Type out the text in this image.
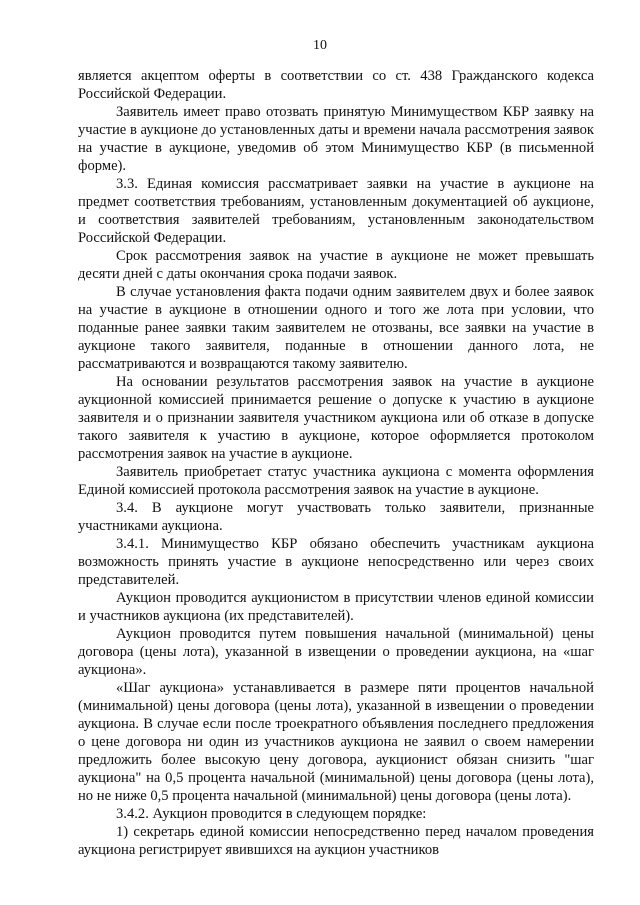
10

является акцептом оферты в соответствии со ст. 438 Гражданского кодекса Российской Федерации.

Заявитель имеет право отозвать принятую Минимуществом КБР заявку на участие в аукционе до установленных даты и времени начала рассмотрения заявок на участие в аукционе, уведомив об этом Минимущество КБР (в письменной форме).

3.3. Единая комиссия рассматривает заявки на участие в аукционе на предмет соответствия требованиям, установленным документацией об аукционе, и соответствия заявителей требованиям, установленным законодательством Российской Федерации.

Срок рассмотрения заявок на участие в аукционе не может превышать десяти дней с даты окончания срока подачи заявок.

В случае установления факта подачи одним заявителем двух и более заявок на участие в аукционе в отношении одного и того же лота при условии, что поданные ранее заявки таким заявителем не отозваны, все заявки на участие в аукционе такого заявителя, поданные в отношении данного лота, не рассматриваются и возвращаются такому заявителю.

На основании результатов рассмотрения заявок на участие в аукционе аукционной комиссией принимается решение о допуске к участию в аукционе заявителя и о признании заявителя участником аукциона или об отказе в допуске такого заявителя к участию в аукционе, которое оформляется протоколом рассмотрения заявок на участие в аукционе.

Заявитель приобретает статус участника аукциона с момента оформления Единой комиссией протокола рассмотрения заявок на участие в аукционе.

3.4. В аукционе могут участвовать только заявители, признанные участниками аукциона.

3.4.1. Минимущество КБР обязано обеспечить участникам аукциона возможность принять участие в аукционе непосредственно или через своих представителей.

Аукцион проводится аукционистом в присутствии членов единой комиссии и участников аукциона (их представителей).

Аукцион проводится путем повышения начальной (минимальной) цены договора (цены лота), указанной в извещении о проведении аукциона, на «шаг аукциона».

«Шаг аукциона» устанавливается в размере пяти процентов начальной (минимальной) цены договора (цены лота), указанной в извещении о проведении аукциона. В случае если после троекратного объявления последнего предложения о цене договора ни один из участников аукциона не заявил о своем намерении предложить более высокую цену договора, аукционист обязан снизить "шаг аукциона" на 0,5 процента начальной (минимальной) цены договора (цены лота), но не ниже 0,5 процента начальной (минимальной) цены договора (цены лота).

3.4.2. Аукцион проводится в следующем порядке:

1) секретарь единой комиссии непосредственно перед началом проведения аукциона регистрирует явившихся на аукцион участников
